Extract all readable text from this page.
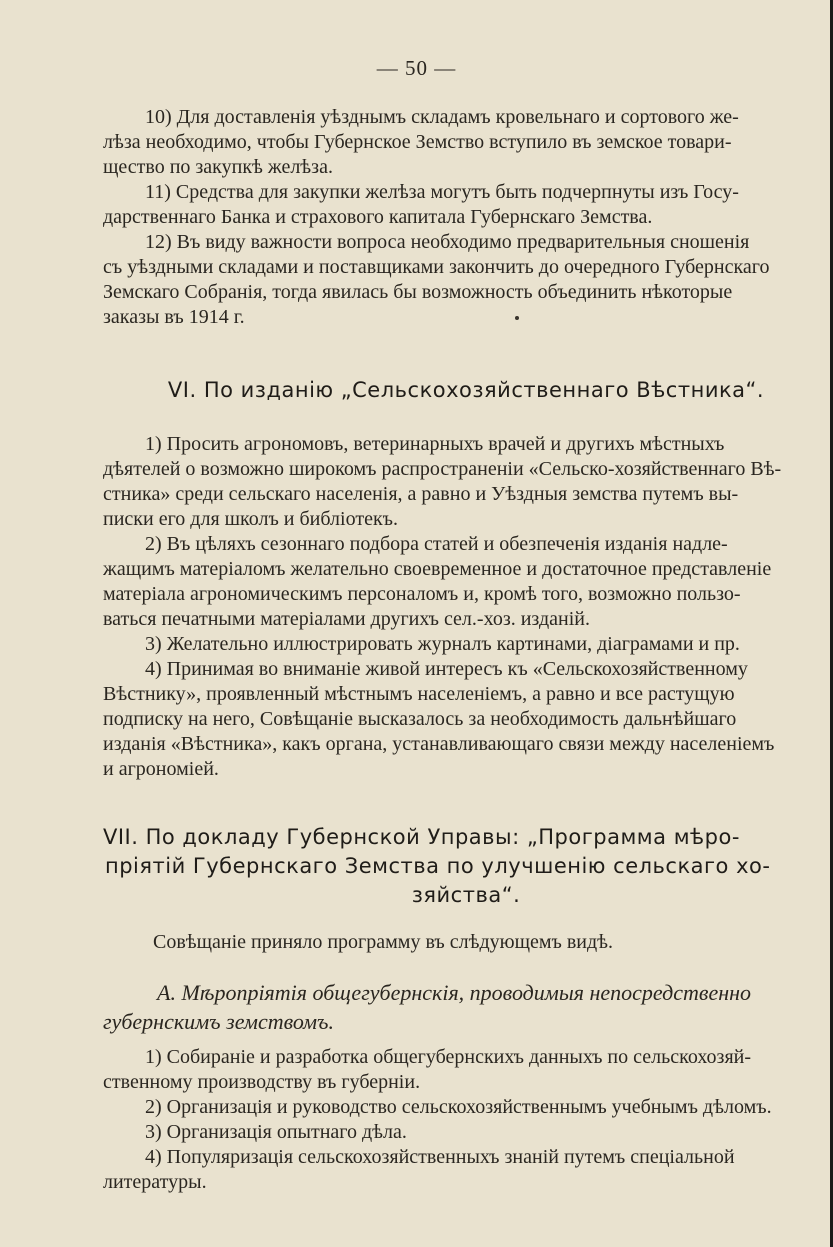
— 50 —
10) Для доставленія уѣзднымъ складамъ кровельнаго и сортового же-
лѣза необходимо, чтобы Губернское Земство вступило въ земское товари-
щество по закупкѣ желѣза.
11) Средства для закупки желѣза могутъ быть подчерпнуты изъ Госу-
дарственнаго Банка и страхового капитала Губернскаго Земства.
12) Въ виду важности вопроса необходимо предварительныя сношенія
съ уѣздными складами и поставщиками закончить до очередного Губернскаго
Земскаго Собранія, тогда явилась бы возможность объединить нѣкоторые
заказы въ 1914 г.
VI. По изданію „Сельскохозяйственнаго Вѣстника“.
1) Просить агрономовъ, ветеринарныхъ врачей и другихъ мѣстныхъ
дѣятелей о возможно широкомъ распространеніи «Сельско-хозяйственнаго Вѣ-
стника» среди сельскаго населенія, а равно и Уѣздныя земства путемъ вы-
писки его для школъ и библіотекъ.
2) Въ цѣляхъ сезоннаго подбора статей и обезпеченія изданія надле-
жащимъ матеріаломъ желательно своевременное и достаточное представленіе
матеріала агрономическимъ персоналомъ и, кромѣ того, возможно пользо-
ваться печатными матеріалами другихъ сел.-хоз. изданій.
3) Желательно иллюстрировать журналъ картинами, діаграмами и пр.
4) Принимая во вниманіе живой интересъ къ «Сельскохозяйственному
Вѣстнику», проявленный мѣстнымъ населеніемъ, а равно и все растущую
подписку на него, Совѣщаніе высказалось за необходимость дальнѣйшаго
изданія «Вѣстника», какъ органа, устанавливающаго связи между населеніемъ
и агрономіей.
VII. По докладу Губернской Управы: „Программа мѣро-
пріятій Губернскаго Земства по улучшенію сельскаго хо-
зяйства“.
Совѣщаніе приняло программу въ слѣдующемъ видѣ.
А. Мѣропріятія общегубернскія, проводимыя непосредственно
губернскимъ земствомъ.
1) Собираніе и разработка общегубернскихъ данныхъ по сельскохозяй-
ственному производству въ губерніи.
2) Организація и руководство сельскохозяйственнымъ учебнымъ дѣломъ.
3) Организація опытнаго дѣла.
4) Популяризація сельскохозяйственныхъ знаній путемъ спеціальной
литературы.
